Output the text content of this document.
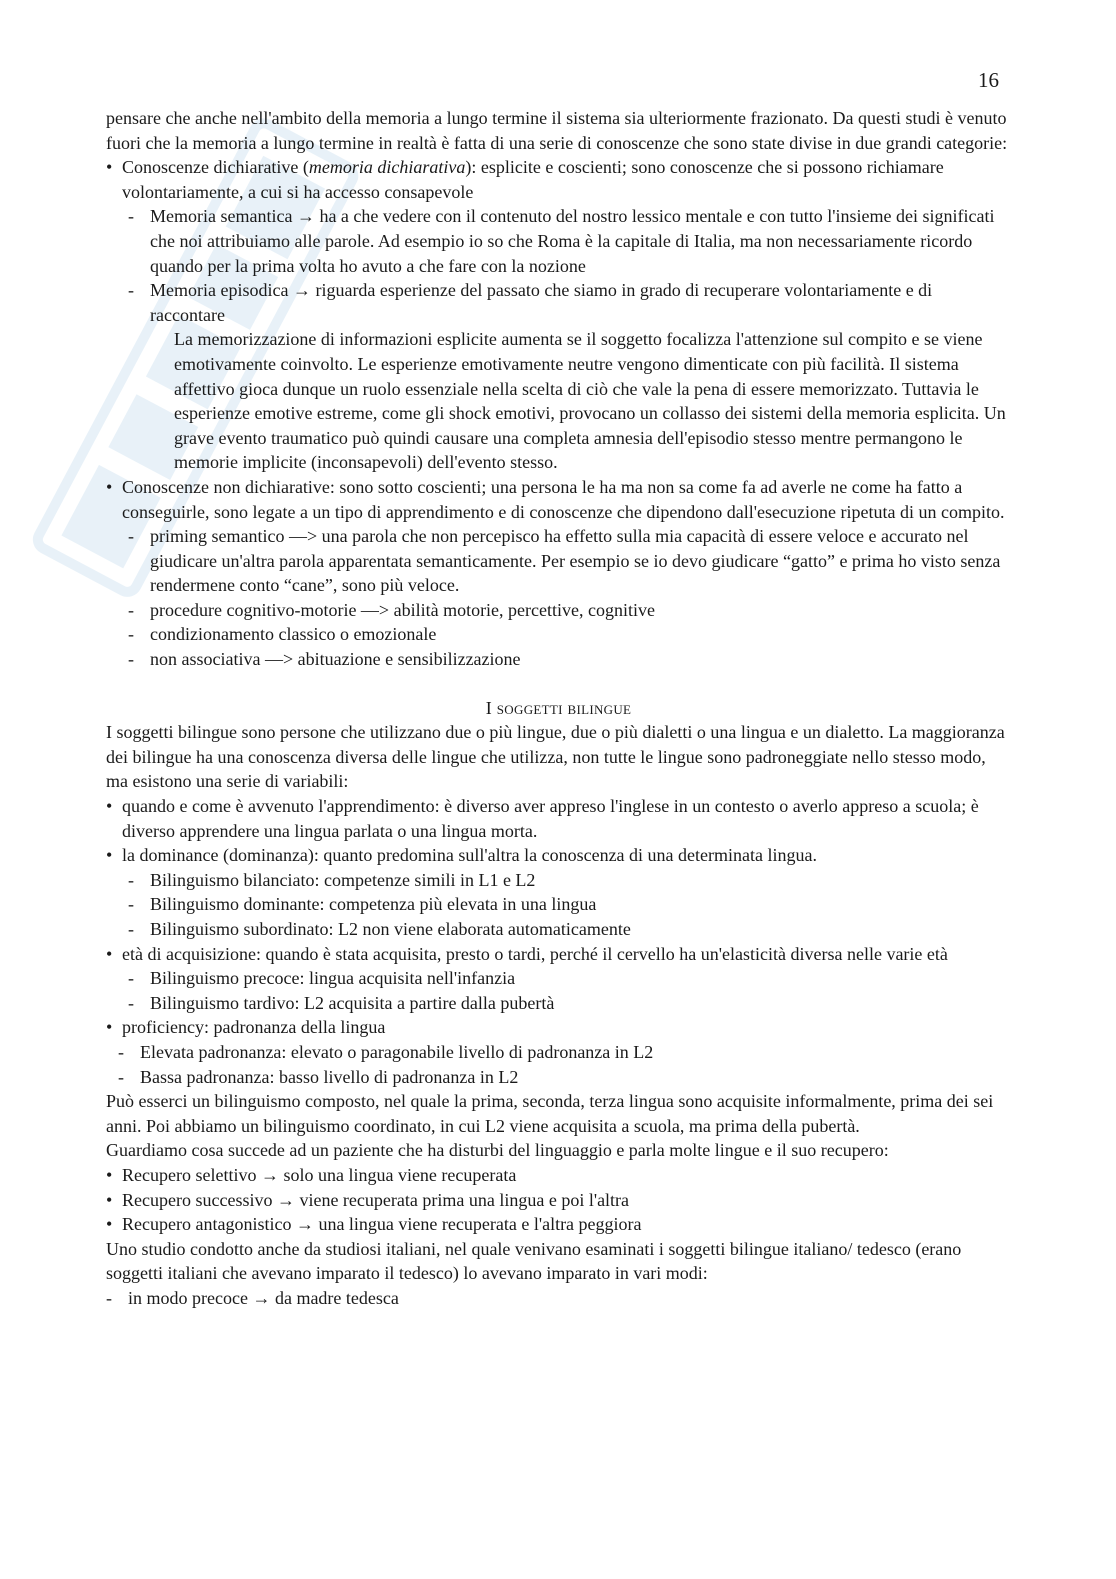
16

pensare che anche nell'ambito della memoria a lungo termine il sistema sia ulteriormente frazionato. Da questi studi è venuto fuori che la memoria a lungo termine in realtà è fatta di una serie di conoscenze che sono state divise in due grandi categorie:

• Conoscenze dichiarative (memoria dichiarativa): esplicite e coscienti; sono conoscenze che si possono richiamare volontariamente, a cui si ha accesso consapevole
- Memoria semantica → ha a che vedere con il contenuto del nostro lessico mentale e con tutto l'insieme dei significati che noi attribuiamo alle parole. Ad esempio io so che Roma è la capitale di Italia, ma non necessariamente ricordo quando per la prima volta ho avuto a che fare con la nozione
- Memoria episodica → riguarda esperienze del passato che siamo in grado di recuperare volontariamente e di raccontare

La memorizzazione di informazioni esplicite aumenta se il soggetto focalizza l'attenzione sul compito e se viene emotivamente coinvolto. Le esperienze emotivamente neutre vengono dimenticate con più facilità. Il sistema affettivo gioca dunque un ruolo essenziale nella scelta di ciò che vale la pena di essere memorizzato. Tuttavia le esperienze emotive estreme, come gli shock emotivi, provocano un collasso dei sistemi della memoria esplicita. Un grave evento traumatico può quindi causare una completa amnesia dell'episodio stesso mentre permangono le memorie implicite (inconsapevoli) dell'evento stesso.

• Conoscenze non dichiarative: sono sotto coscienti; una persona le ha ma non sa come fa ad averle ne come ha fatto a conseguirle, sono legate a un tipo di apprendimento e di conoscenze che dipendono dall'esecuzione ripetuta di un compito.
- priming semantico —> una parola che non percepisco ha effetto sulla mia capacità di essere veloce e accurato nel giudicare un'altra parola apparentata semanticamente. Per esempio se io devo giudicare “gatto” e prima ho visto senza rendermene conto “cane”, sono più veloce.
- procedure cognitivo-motorie —> abilità motorie, percettive, cognitive
- condizionamento classico o emozionale
- non associativa —> abituazione e sensibilizzazione

I soggetti bilingue

I soggetti bilingue sono persone che utilizzano due o più lingue, due o più dialetti o una lingua e un dialetto. La maggioranza dei bilingue ha una conoscenza diversa delle lingue che utilizza, non tutte le lingue sono padroneggiate nello stesso modo, ma esistono una serie di variabili:

• quando e come è avvenuto l'apprendimento: è diverso aver appreso l'inglese in un contesto o averlo appreso a scuola; è diverso apprendere una lingua parlata o una lingua morta.
• la dominance (dominanza): quanto predomina sull'altra la conoscenza di una determinata lingua.
- Bilinguismo bilanciato: competenze simili in L1 e L2
- Bilinguismo dominante: competenza più elevata in una lingua
- Bilinguismo subordinato: L2 non viene elaborata automaticamente
• età di acquisizione: quando è stata acquisita, presto o tardi, perché il cervello ha un'elasticità diversa nelle varie età
- Bilinguismo precoce: lingua acquisita nell'infanzia
- Bilinguismo tardivo: L2 acquisita a partire dalla pubertà
• proficiency: padronanza della lingua
- Elevata padronanza: elevato o paragonabile livello di padronanza in L2
- Bassa padronanza: basso livello di padronanza in L2

Può esserci un bilinguismo composto, nel quale la prima, seconda, terza lingua sono acquisite informalmente, prima dei sei anni. Poi abbiamo un bilinguismo coordinato, in cui L2 viene acquisita a scuola, ma prima della pubertà.

Guardiamo cosa succede ad un paziente che ha disturbi del linguaggio e parla molte lingue e il suo recupero:

• Recupero selettivo → solo una lingua viene recuperata
• Recupero successivo → viene recuperata prima una lingua e poi l'altra
• Recupero antagonistico → una lingua viene recuperata e l'altra peggiora

Uno studio condotto anche da studiosi italiani, nel quale venivano esaminati i soggetti bilingue italiano/ tedesco (erano soggetti italiani che avevano imparato il tedesco) lo avevano imparato in vari modi:

- in modo precoce → da madre tedesca
